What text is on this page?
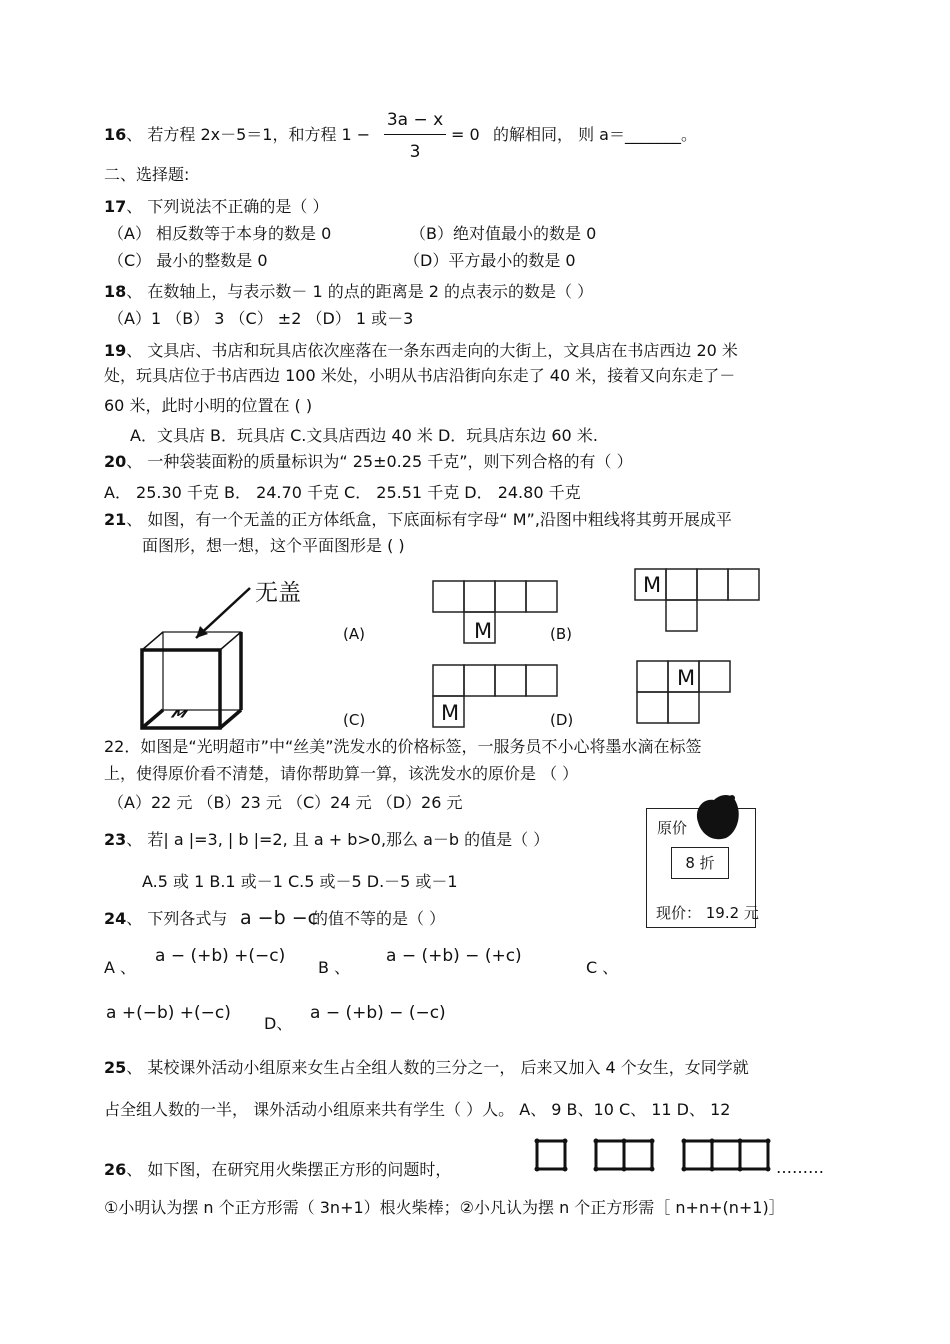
16、 若方程 2x－5＝1，和方程 1 −
3a − x
3
= 0 的解相同， 则 a＝_______。
二、选择题:
17、 下列说法不正确的是（ ）
（A） 相反数等于本身的数是 0	（B）绝对值最小的数是 0
（C） 最小的整数是 0	（D）平方最小的数是 0
18、 在数轴上，与表示数－ 1 的点的距离是 2 的点表示的数是（ ）
（A）1 （B） 3 （C） ±2 （D） 1 或－3
19、 文具店、书店和玩具店依次座落在一条东西走向的大街上，文具店在书店西边 20 米
处，玩具店位于书店西边 100 米处，小明从书店沿街向东走了 40 米，接着又向东走了－
60 米，此时小明的位置在 ( )
A．文具店 B．玩具店 C.文具店西边 40 米 D．玩具店东边 60 米.
20、 一种袋装面粉的质量标识为“ 25±0.25 千克”，则下列合格的有（ ）
A． 25.30 千克 B． 24.70 千克 C． 25.51 千克 D． 24.80 千克
21、 如图，有一个无盖的正方体纸盒，下底面标有字母“ M”,沿图中粗线将其剪开展成平
面图形，想一想，这个平面图形是 ( )
无盖
M
M
(A)	(B)
M
M
(C)	(D)
M
22．如图是“光明超市”中“丝美”洗发水的价格标签，一服务员不小心将墨水滴在标签
上，使得原价看不清楚，请你帮助算一算，该洗发水的原价是 （ ）
（A）22 元 （B）23 元 （C）24 元 （D）26 元
原价
8 折
现价： 19.2 元
23、 若| a |=3, | b |=2, 且 a + b>0,那么 a－b 的值是（ ）
A.5 或 1 B.1 或－1 C.5 或－5 D.－5 或－1
24、 下列各式与 a −b −c
的值不等的是（ ）
A 、
a − (+b) +(−c)
B 、
a − (+b) − (+c)
C 、
a +(−b) +(−c)
D、
a − (+b) − (−c)
25、 某校课外活动小组原来女生占全组人数的三分之一， 后来又加入 4 个女生，女同学就
占全组人数的一半， 课外活动小组原来共有学生（ ）人。 A、 9 B、10 C、 11 D、 12
26、 如下图，在研究用火柴摆正方形的问题时，	………
①小明认为摆 n 个正方形需（ 3n+1）根火柴棒；②小凡认为摆 n 个正方形需［ n+n+(n+1)］
